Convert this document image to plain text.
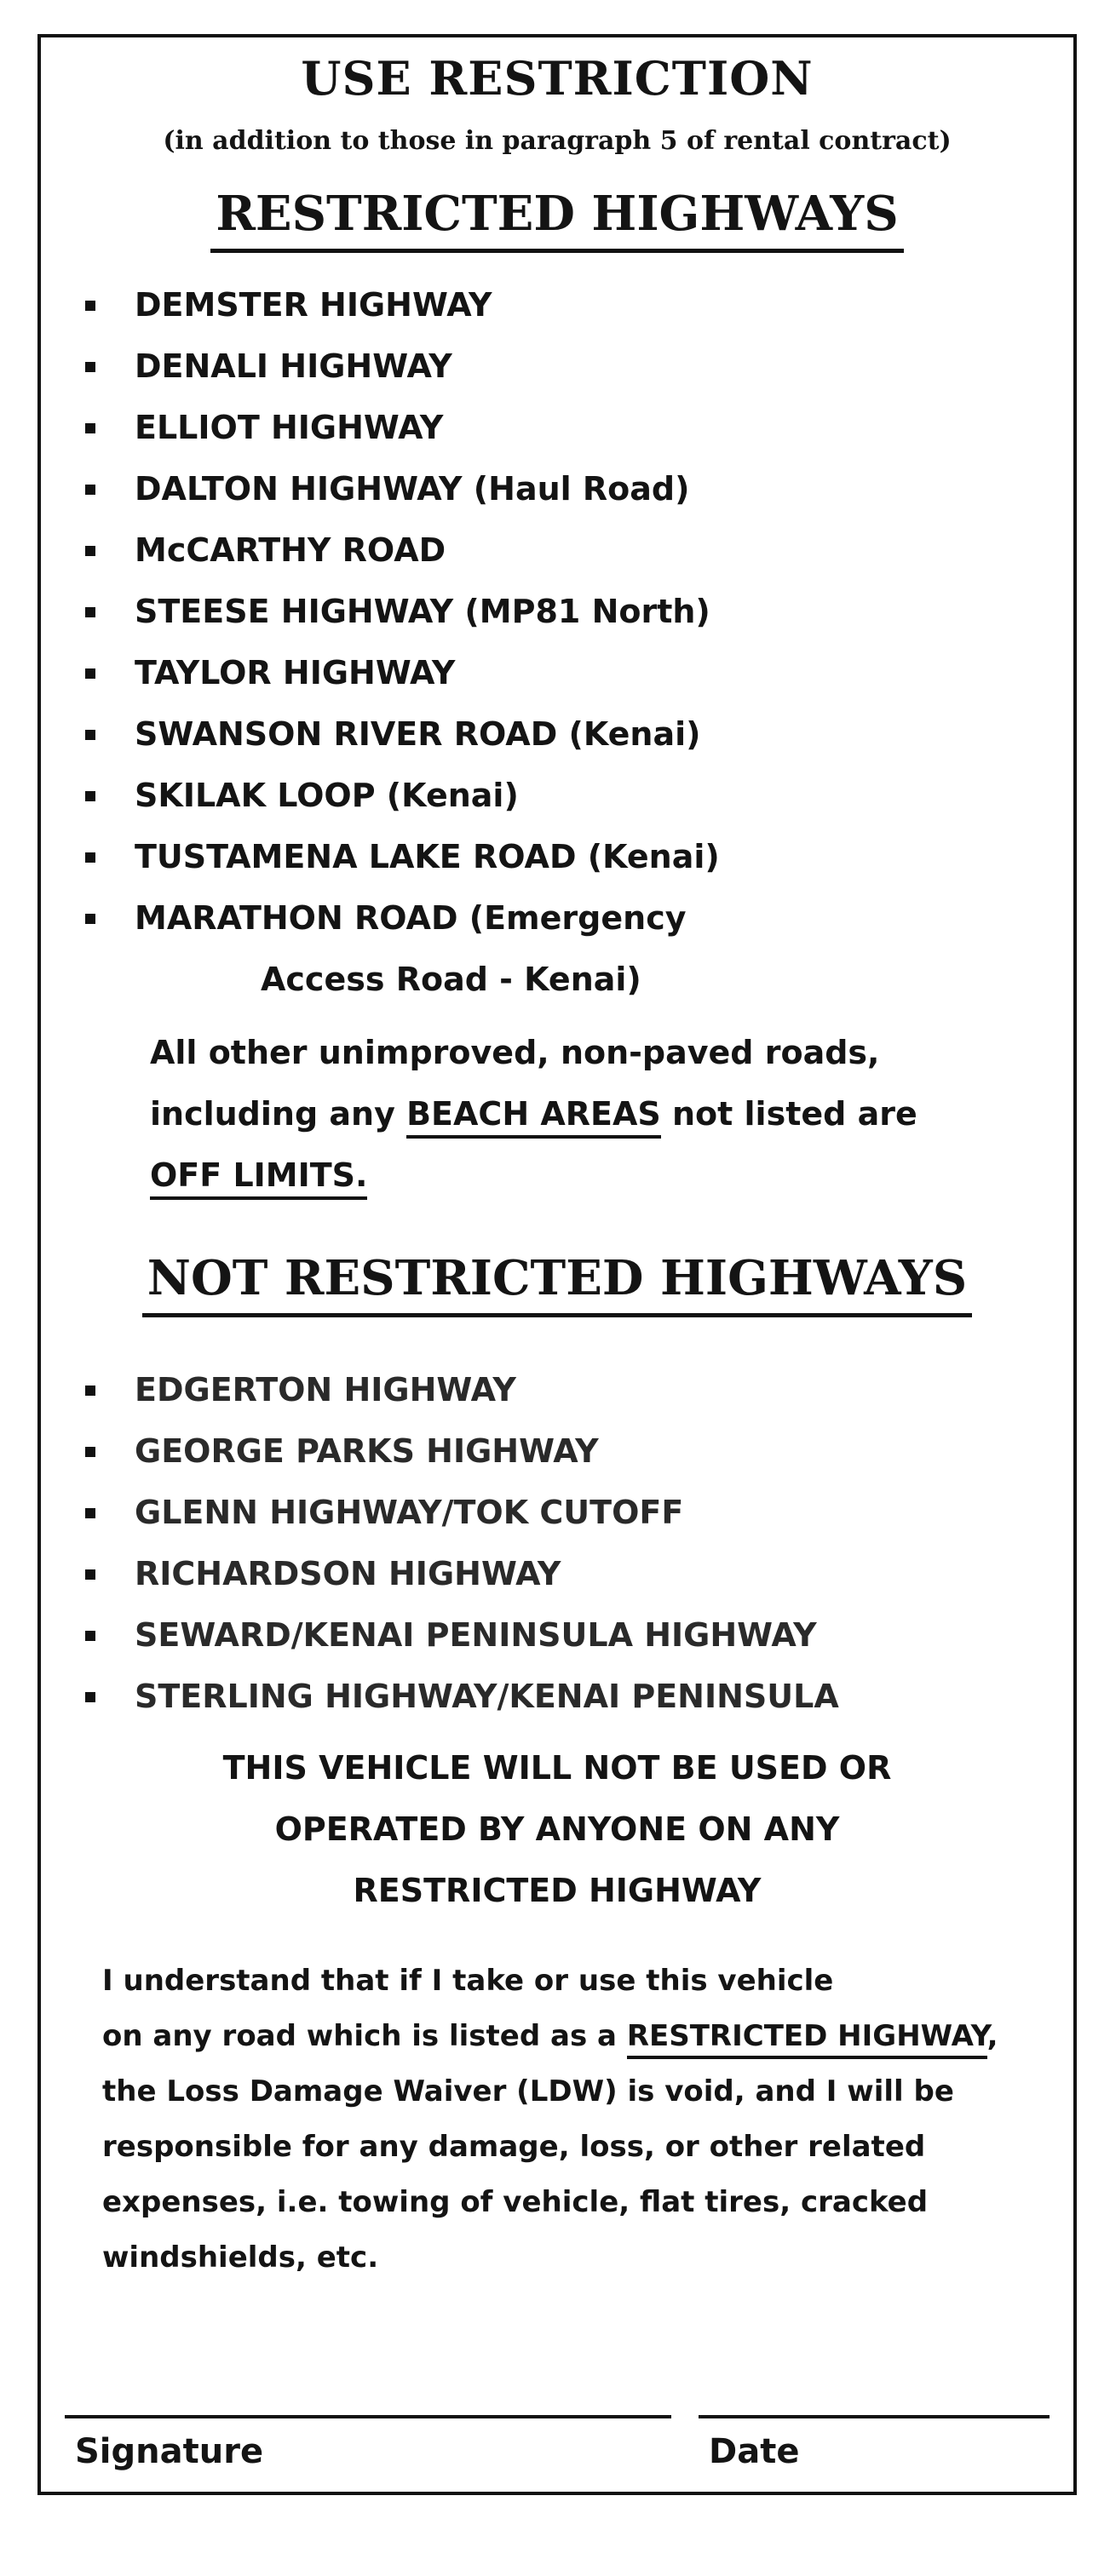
USE RESTRICTION
(in addition to those in paragraph 5 of rental contract)
RESTRICTED HIGHWAYS
DEMSTER HIGHWAY
DENALI HIGHWAY
ELLIOT HIGHWAY
DALTON HIGHWAY (Haul Road)
McCARTHY ROAD
STEESE HIGHWAY (MP81 North)
TAYLOR HIGHWAY
SWANSON RIVER ROAD (Kenai)
SKILAK LOOP (Kenai)
TUSTAMENA LAKE ROAD (Kenai)
MARATHON ROAD (Emergency
Access Road - Kenai)
All other unimproved, non-paved roads,
including any BEACH AREAS not listed are
OFF LIMITS.
NOT RESTRICTED HIGHWAYS
EDGERTON HIGHWAY
GEORGE PARKS HIGHWAY
GLENN HIGHWAY/TOK CUTOFF
RICHARDSON HIGHWAY
SEWARD/KENAI PENINSULA HIGHWAY
STERLING HIGHWAY/KENAI PENINSULA
THIS VEHICLE WILL NOT BE USED OR
OPERATED BY ANYONE ON ANY
RESTRICTED HIGHWAY
I understand that if I take or use this vehicle
on any road which is listed as a RESTRICTED HIGHWAY,
the Loss Damage Waiver (LDW) is void, and I will be
responsible for any damage, loss, or other related
expenses, i.e. towing of vehicle, flat tires, cracked
windshields, etc.
Signature	Date
